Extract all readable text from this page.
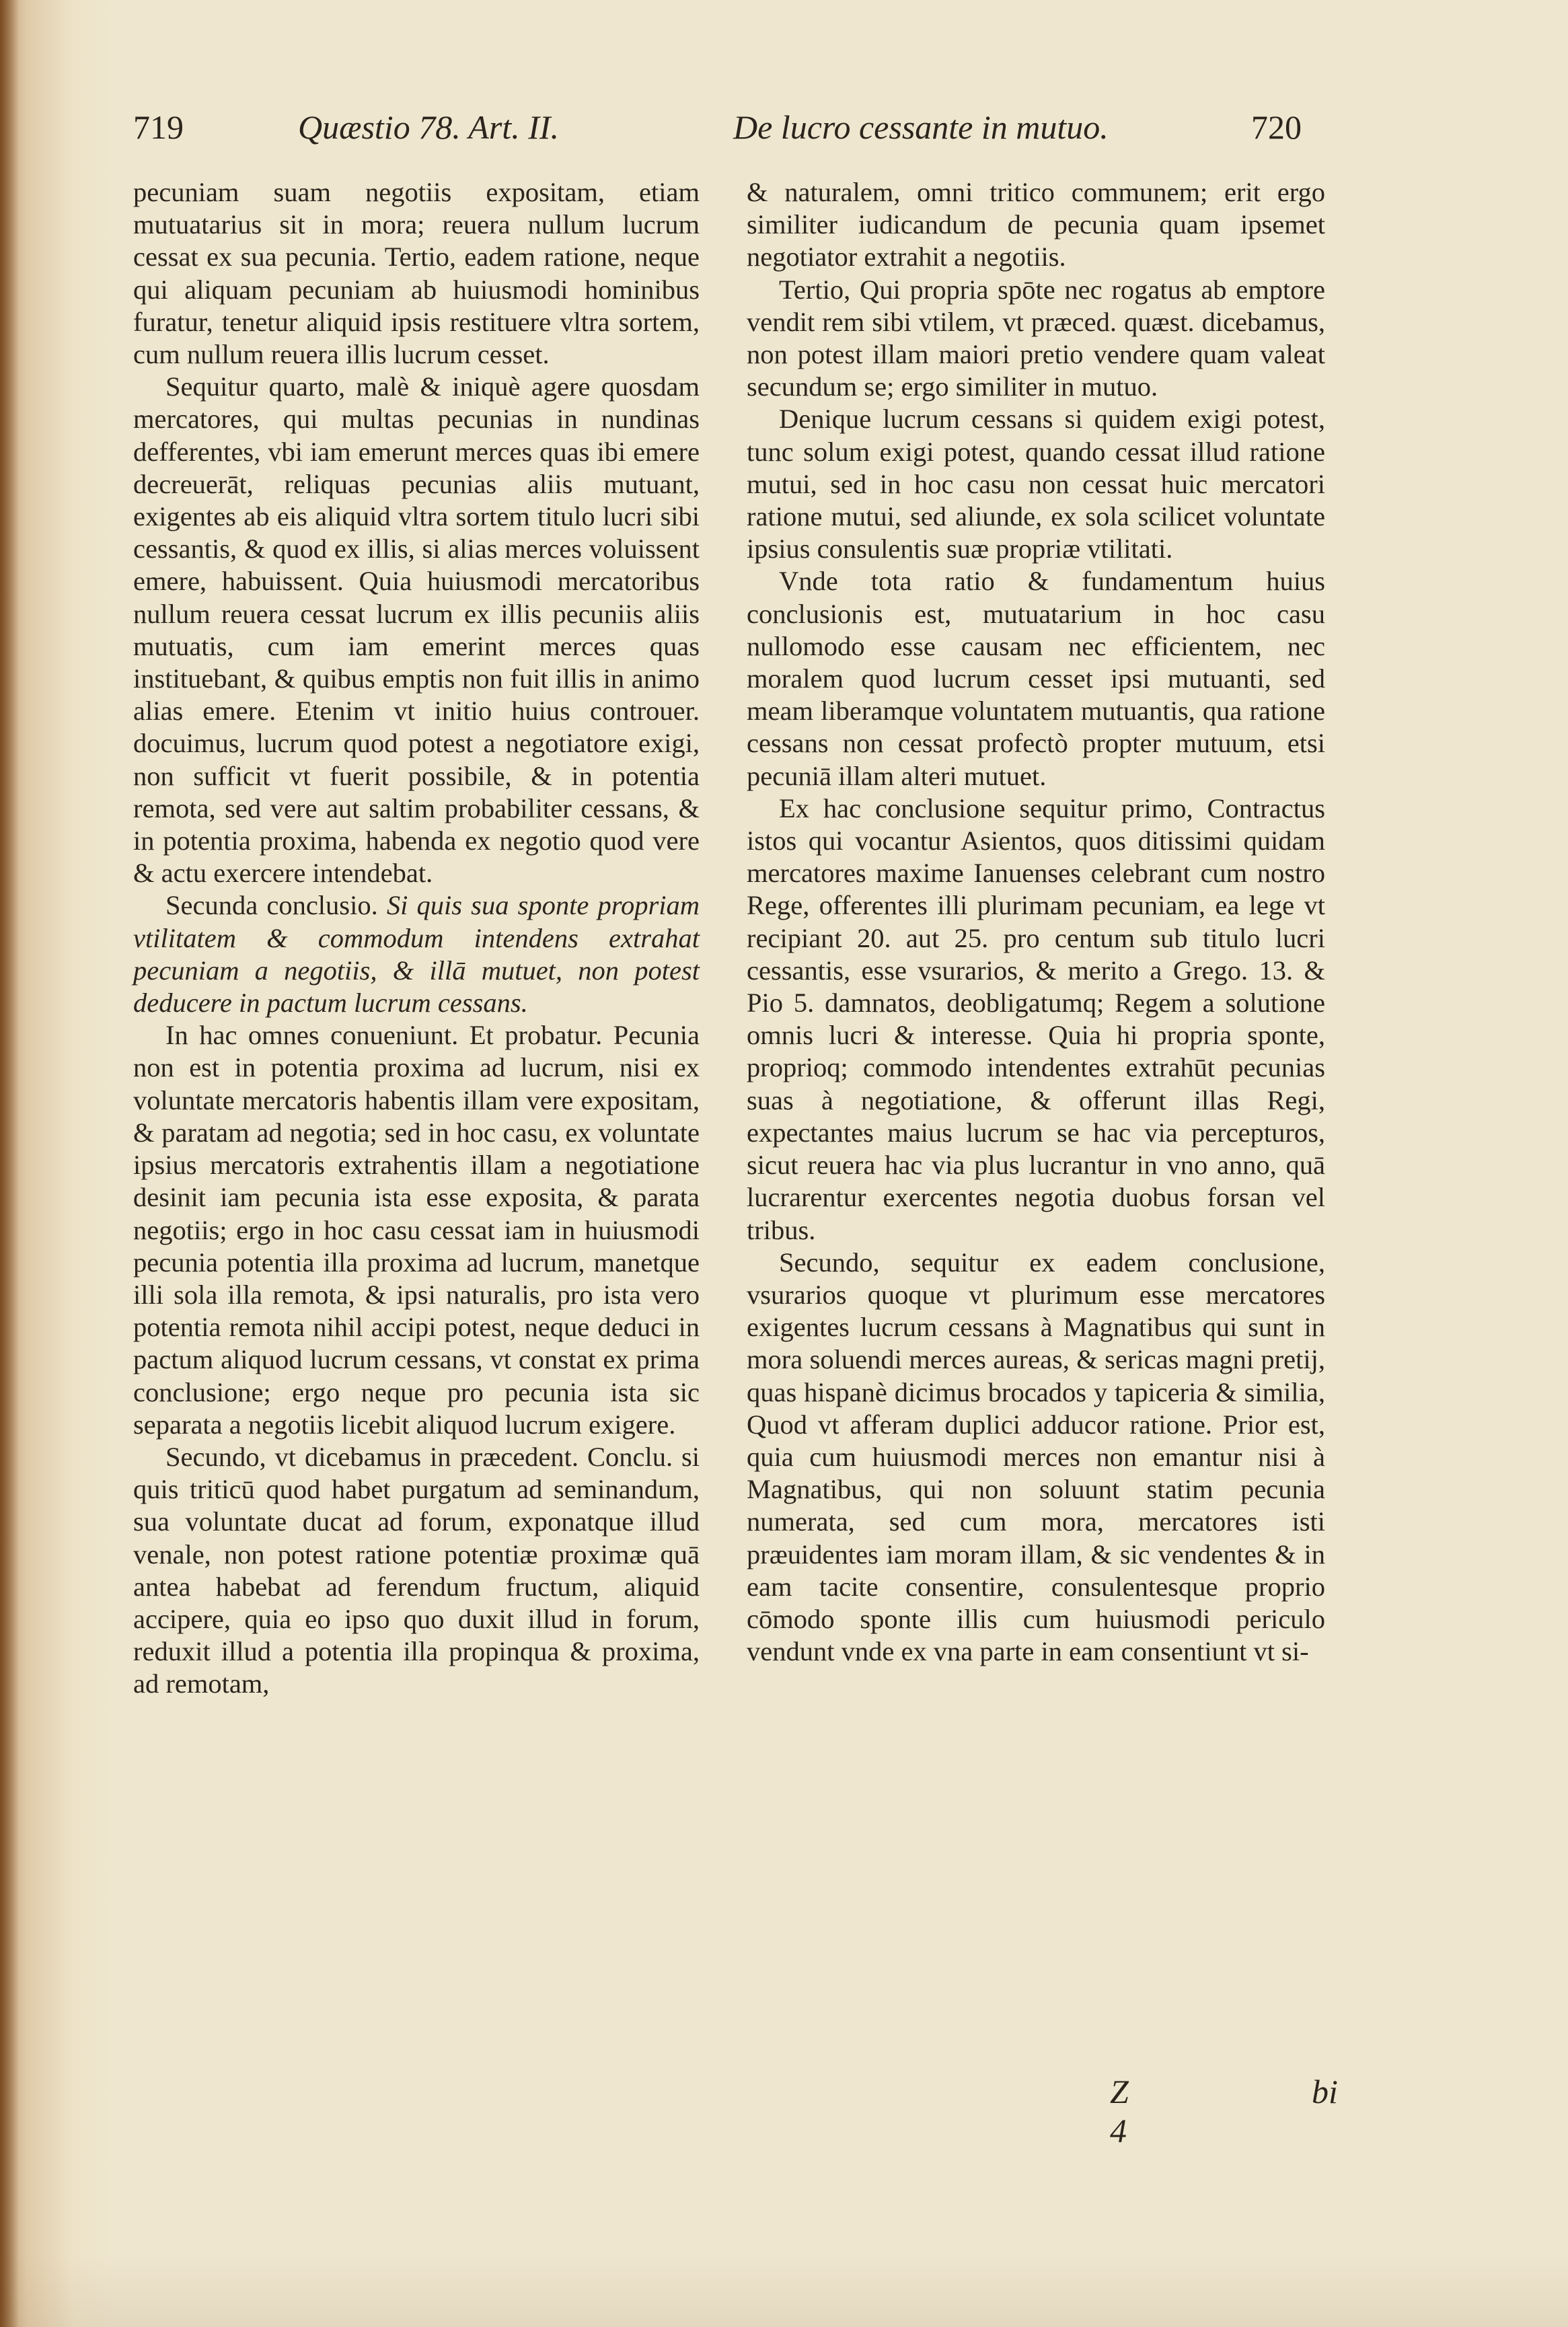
719	Quæstio 78. Art. II.	De lucro cessante in mutuo.	720

pecuniam suam negotiis expositam, etiam mutuatarius sit in mora; reuera nullum lucrum cessat ex sua pecunia. Tertio, eadem ratione, neque qui aliquam pecuniam ab huiusmodi hominibus furatur, tenetur aliquid ipsis restituere vltra sortem, cum nullum reuera illis lucrum cesset.

Sequitur quarto, malè & iniquè agere quosdam mercatores, qui multas pecunias in nundinas defferentes, vbi iam emerunt merces quas ibi emere decreuerāt, reliquas pecunias aliis mutuant, exigentes ab eis aliquid vltra sortem titulo lucri sibi cessantis, & quod ex illis, si alias merces voluissent emere, habuissent. Quia huiusmodi mercatoribus nullum reuera cessat lucrum ex illis pecuniis aliis mutuatis, cum iam emerint merces quas instituebant, & quibus emptis non fuit illis in animo alias emere. Etenim vt initio huius controuer. docuimus, lucrum quod potest a negotiatore exigi, non sufficit vt fuerit possibile, & in potentia remota, sed vere aut saltim probabiliter cessans, & in potentia proxima, habenda ex negotio quod vere & actu exercere intendebat.

Secunda conclusio. Si quis sua sponte propriam vtilitatem & commodum intendens extrahat pecuniam a negotiis, & illā mutuet, non potest deducere in pactum lucrum cessans.

In hac omnes conueniunt. Et probatur. Pecunia non est in potentia proxima ad lucrum, nisi ex voluntate mercatoris habentis illam vere expositam, & paratam ad negotia; sed in hoc casu, ex voluntate ipsius mercatoris extrahentis illam a negotiatione desinit iam pecunia ista esse exposita, & parata negotiis; ergo in hoc casu cessat iam in huiusmodi pecunia potentia illa proxima ad lucrum, manetque illi sola illa remota, & ipsi naturalis, pro ista vero potentia remota nihil accipi potest, neque deduci in pactum aliquod lucrum cessans, vt constat ex prima conclusione; ergo neque pro pecunia ista sic separata a negotiis licebit aliquod lucrum exigere.

Secundo, vt dicebamus in præcedent. Conclu. si quis triticū quod habet purgatum ad seminandum, sua voluntate ducat ad forum, exponatque illud venale, non potest ratione potentiæ proximæ quā antea habebat ad ferendum fructum, aliquid accipere, quia eo ipso quo duxit illud in forum, reduxit illud a potentia illa propinqua & proxima, ad remotam,

& naturalem, omni tritico communem; erit ergo similiter iudicandum de pecunia quam ipsemet negotiator extrahit a negotiis.

Tertio, Qui propria spōte nec rogatus ab emptore vendit rem sibi vtilem, vt præced. quæst. dicebamus, non potest illam maiori pretio vendere quam valeat secundum se; ergo similiter in mutuo.

Denique lucrum cessans si quidem exigi potest, tunc solum exigi potest, quando cessat illud ratione mutui, sed in hoc casu non cessat huic mercatori ratione mutui, sed aliunde, ex sola scilicet voluntate ipsius consulentis suæ propriæ vtilitati.

Vnde tota ratio & fundamentum huius conclusionis est, mutuatarium in hoc casu nullomodo esse causam nec efficientem, nec moralem quod lucrum cesset ipsi mutuanti, sed meam liberamque voluntatem mutuantis, qua ratione cessans non cessat profectò propter mutuum, etsi pecuniā illam alteri mutuet.

Ex hac conclusione sequitur primo, Contractus istos qui vocantur Asientos, quos ditissimi quidam mercatores maxime Ianuenses celebrant cum nostro Rege, offerentes illi plurimam pecuniam, ea lege vt recipiant 20. aut 25. pro centum sub titulo lucri cessantis, esse vsurarios, & merito a Grego. 13. & Pio 5. damnatos, deobligatumq; Regem a solutione omnis lucri & interesse. Quia hi propria sponte, proprioq; commodo intendentes extrahūt pecunias suas à negotiatione, & offerunt illas Regi, expectantes maius lucrum se hac via percepturos, sicut reuera hac via plus lucrantur in vno anno, quā lucrarentur exercentes negotia duobus forsan vel tribus.

Secundo, sequitur ex eadem conclusione, vsurarios quoque vt plurimum esse mercatores exigentes lucrum cessans à Magnatibus qui sunt in mora soluendi merces aureas, & sericas magni pretij, quas hispanè dicimus brocados y tapiceria & similia, Quod vt afferam duplici adducor ratione. Prior est, quia cum huiusmodi merces non emantur nisi à Magnatibus, qui non soluunt statim pecunia numerata, sed cum mora, mercatores isti præuidentes iam moram illam, & sic vendentes & in eam tacite consentire, consulentesque proprio cōmodo sponte illis cum huiusmodi periculo vendunt vnde ex vna parte in eam consentiunt vt si-

Z 4
bi
